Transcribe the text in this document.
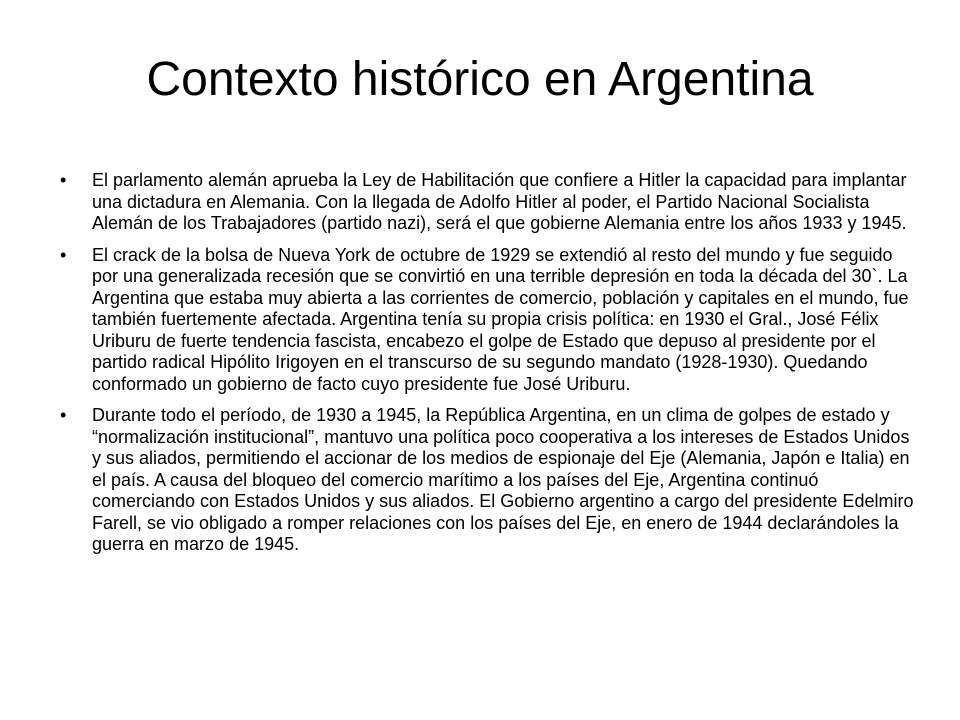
Contexto histórico en Argentina
•	El parlamento alemán aprueba la Ley de Habilitación que confiere a Hitler la capacidad para implantar una dictadura en Alemania. Con la llegada de Adolfo Hitler al poder, el Partido Nacional Socialista Alemán de los Trabajadores (partido nazi), será el que gobierne Alemania entre los años 1933 y 1945.
•	El crack de la bolsa de Nueva York de octubre de 1929 se extendió al resto del mundo y fue seguido por una generalizada recesión que se convirtió en una terrible depresión en toda la década del 30`. La Argentina que estaba muy abierta a las corrientes de comercio, población y capitales en el mundo, fue también fuertemente afectada. Argentina tenía su propia crisis política: en 1930 el Gral., José Félix Uriburu de fuerte tendencia fascista, encabezo el golpe de Estado que depuso al presidente por el partido radical Hipólito Irigoyen en el transcurso de su segundo mandato (1928-1930). Quedando conformado un gobierno de facto cuyo presidente fue José Uriburu.
•	Durante todo el período, de 1930 a 1945, la República Argentina, en un clima de golpes de estado y “normalización institucional”, mantuvo una política poco cooperativa a los intereses de Estados Unidos y sus aliados, permitiendo el accionar de los medios de espionaje del Eje (Alemania, Japón e Italia) en el país. A causa del bloqueo del comercio marítimo a los países del Eje, Argentina continuó comerciando con Estados Unidos y sus aliados. El Gobierno argentino a cargo del presidente Edelmiro Farell, se vio obligado a romper relaciones con los países del Eje, en enero de 1944 declarándoles la guerra en marzo de 1945.
